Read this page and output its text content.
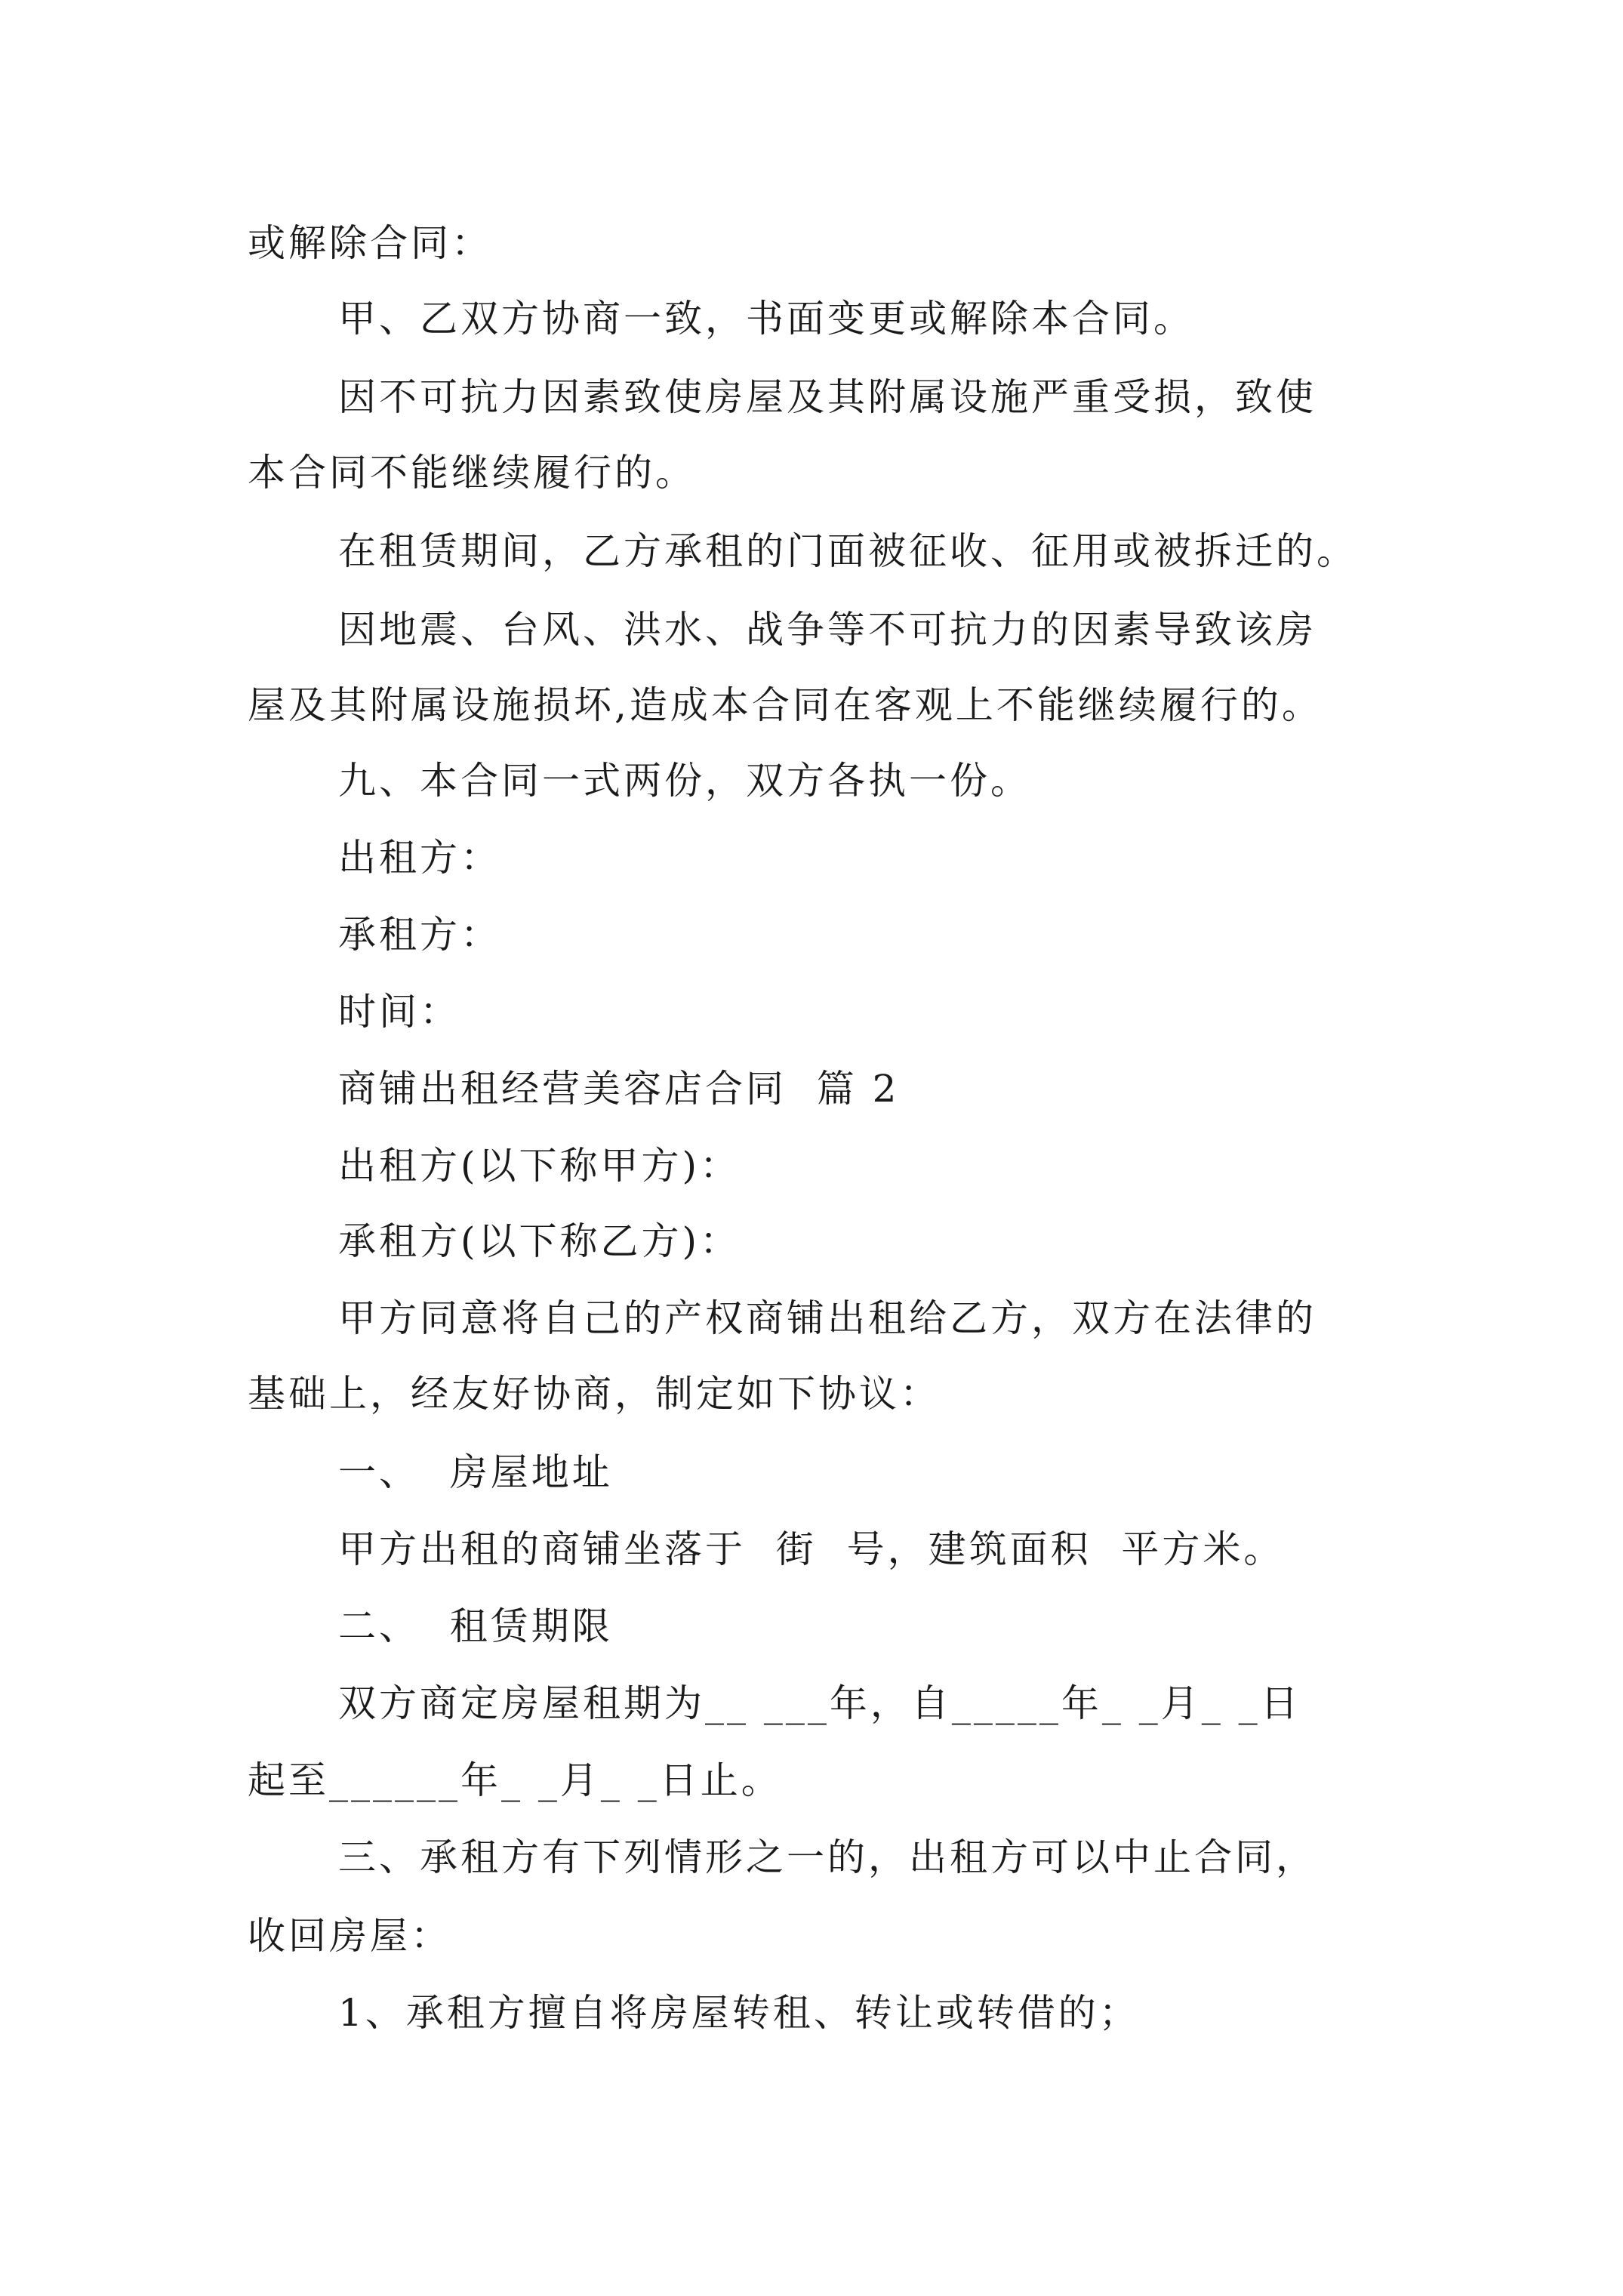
或解除合同：
甲、乙双方协商一致，书面变更或解除本合同。
因不可抗力因素致使房屋及其附属设施严重受损，致使
本合同不能继续履行的。
在租赁期间，乙方承租的门面被征收、征用或被拆迁的。
因地震、台风、洪水、战争等不可抗力的因素导致该房
屋及其附属设施损坏,造成本合同在客观上不能继续履行的。
九、本合同一式两份，双方各执一份。
出租方：
承租方：
时间：
商铺出租经营美容店合同  篇 2
出租方(以下称甲方)：
承租方(以下称乙方)：
甲方同意将自己的产权商铺出租给乙方，双方在法律的
基础上，经友好协商，制定如下协议：
一、  房屋地址
甲方出租的商铺坐落于  街  号，建筑面积  平方米。
二、  租赁期限
双方商定房屋租期为__ ___年，自_____年_ _月_ _日
起至______年_ _月_ _日止。
三、承租方有下列情形之一的，出租方可以中止合同，
收回房屋：
1、承租方擅自将房屋转租、转让或转借的；
